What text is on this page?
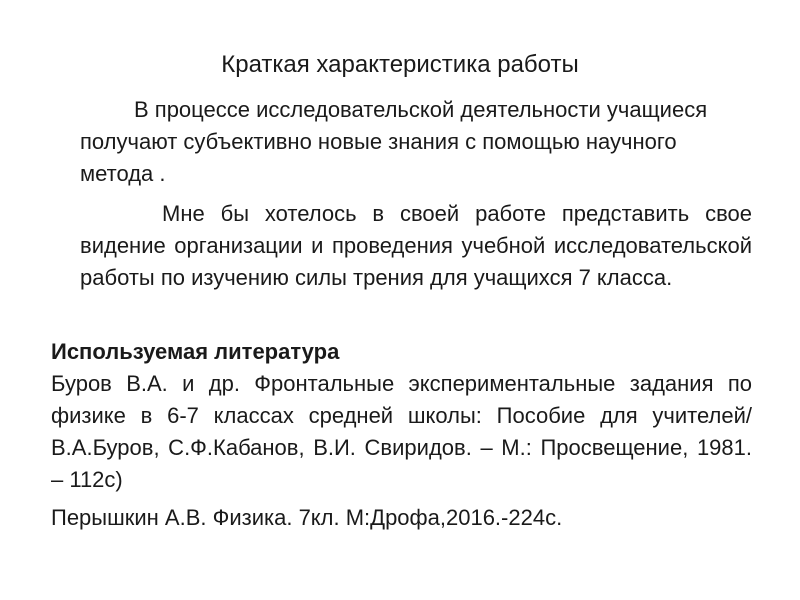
Краткая характеристика работы
В процессе исследовательской деятельности учащиеся получают субъективно новые знания с помощью научного метода .
Мне бы хотелось в своей работе представить свое видение организации и проведения учебной исследовательской работы по изучению силы трения для учащихся 7 класса.
Используемая литература
Буров В.А. и др. Фронтальные экспериментальные задания по физике в 6-7 классах средней школы: Пособие для учителей/ В.А.Буров, С.Ф.Кабанов, В.И. Свиридов. – М.: Просвещение, 1981. – 112с)
Перышкин А.В. Физика. 7кл. М:Дрофа,2016.-224с.
